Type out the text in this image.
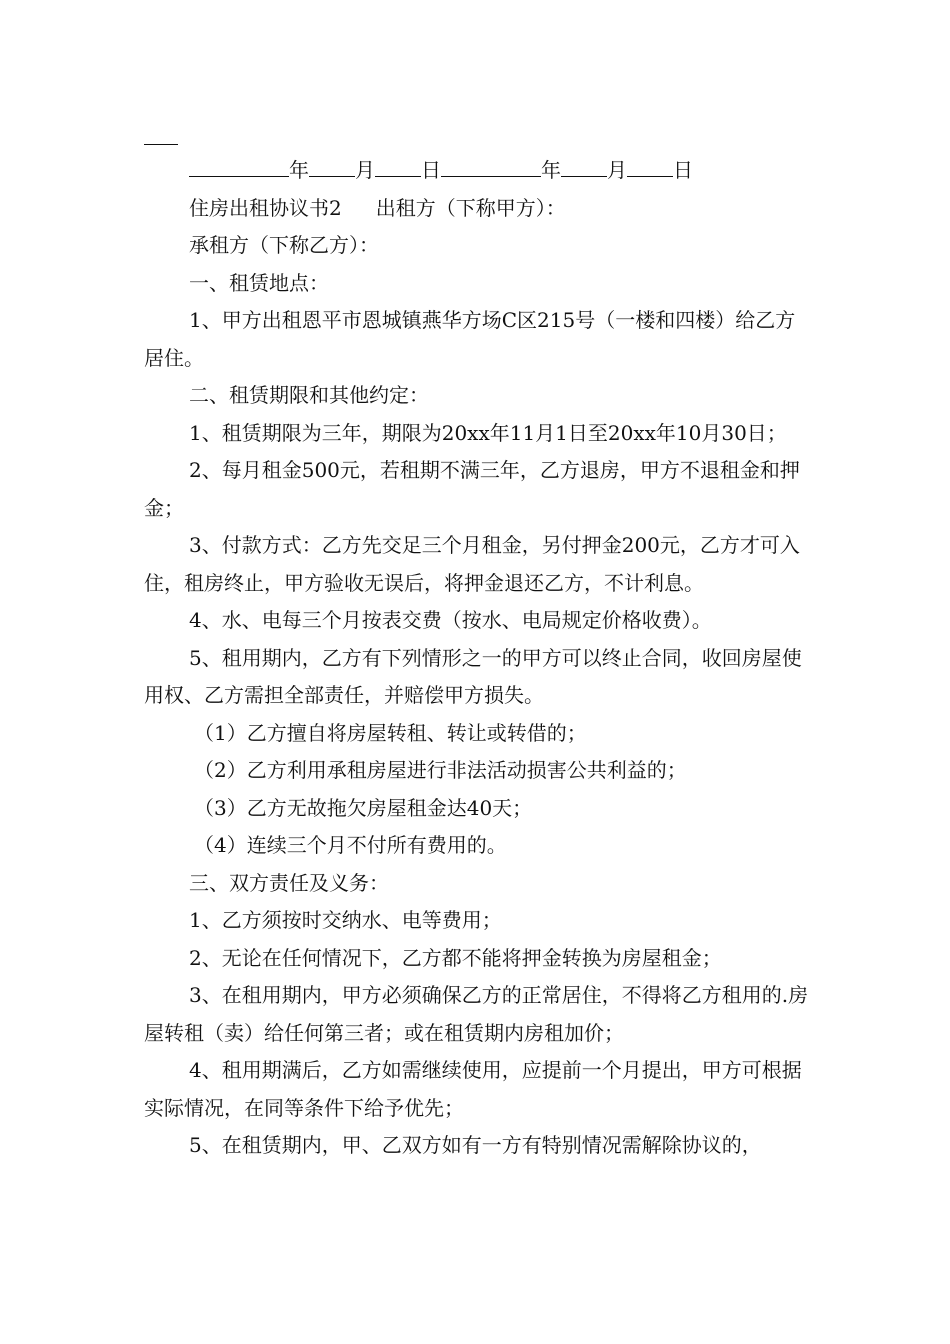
年 月 日	年 月 日

住房出租协议书2 出租方（下称甲方）：

承租方（下称乙方）：

一、租赁地点：

1、甲方出租恩平市恩城镇燕华方场C区215号（一楼和四楼）给乙方居住。

二、租赁期限和其他约定：

1、租赁期限为三年，期限为20xx年11月1日至20xx年10月30日；

2、每月租金500元，若租期不满三年，乙方退房，甲方不退租金和押金；

3、付款方式：乙方先交足三个月租金，另付押金200元，乙方才可入住，租房终止，甲方验收无误后，将押金退还乙方，不计利息。

4、水、电每三个月按表交费（按水、电局规定价格收费）。

5、租用期内，乙方有下列情形之一的甲方可以终止合同，收回房屋使用权、乙方需担全部责任，并赔偿甲方损失。

（1）乙方擅自将房屋转租、转让或转借的；

（2）乙方利用承租房屋进行非法活动损害公共利益的；

（3）乙方无故拖欠房屋租金达40天；

（4）连续三个月不付所有费用的。

三、双方责任及义务：

1、乙方须按时交纳水、电等费用；

2、无论在任何情况下，乙方都不能将押金转换为房屋租金；

3、在租用期内，甲方必须确保乙方的正常居住，不得将乙方租用的.房屋转租（卖）给任何第三者；或在租赁期内房租加价；

4、租用期满后，乙方如需继续使用，应提前一个月提出，甲方可根据实际情况，在同等条件下给予优先；

5、在租赁期内，甲、乙双方如有一方有特别情况需解除协议的，
